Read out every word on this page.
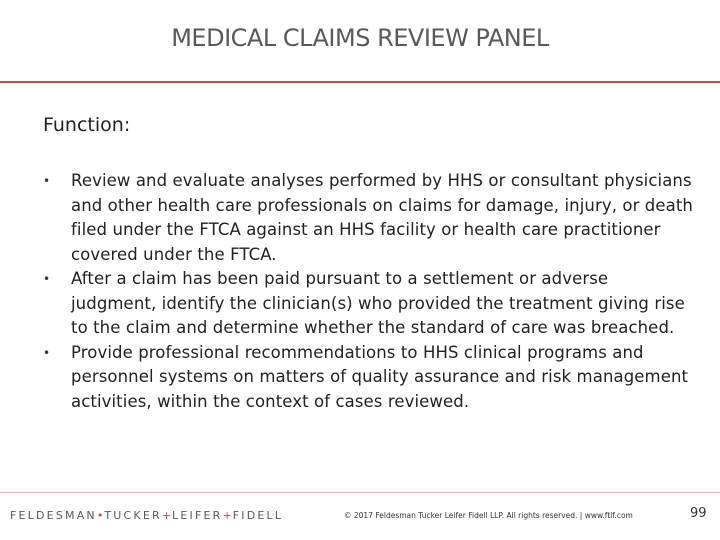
MEDICAL CLAIMS REVIEW PANEL
Function:
• Review and evaluate analyses performed by HHS or consultant physicians and other health care professionals on claims for damage, injury, or death filed under the FTCA against an HHS facility or health care practitioner covered under the FTCA.
• After a claim has been paid pursuant to a settlement or adverse judgment, identify the clinician(s) who provided the treatment giving rise to the claim and determine whether the standard of care was breached.
• Provide professional recommendations to HHS clinical programs and personnel systems on matters of quality assurance and risk management activities, within the context of cases reviewed.
FELDESMAN•TUCKER+LEIFER+FIDELL	© 2017 Feldesman Tucker Leifer Fidell LLP. All rights reserved. | www.ftlf.com	99
